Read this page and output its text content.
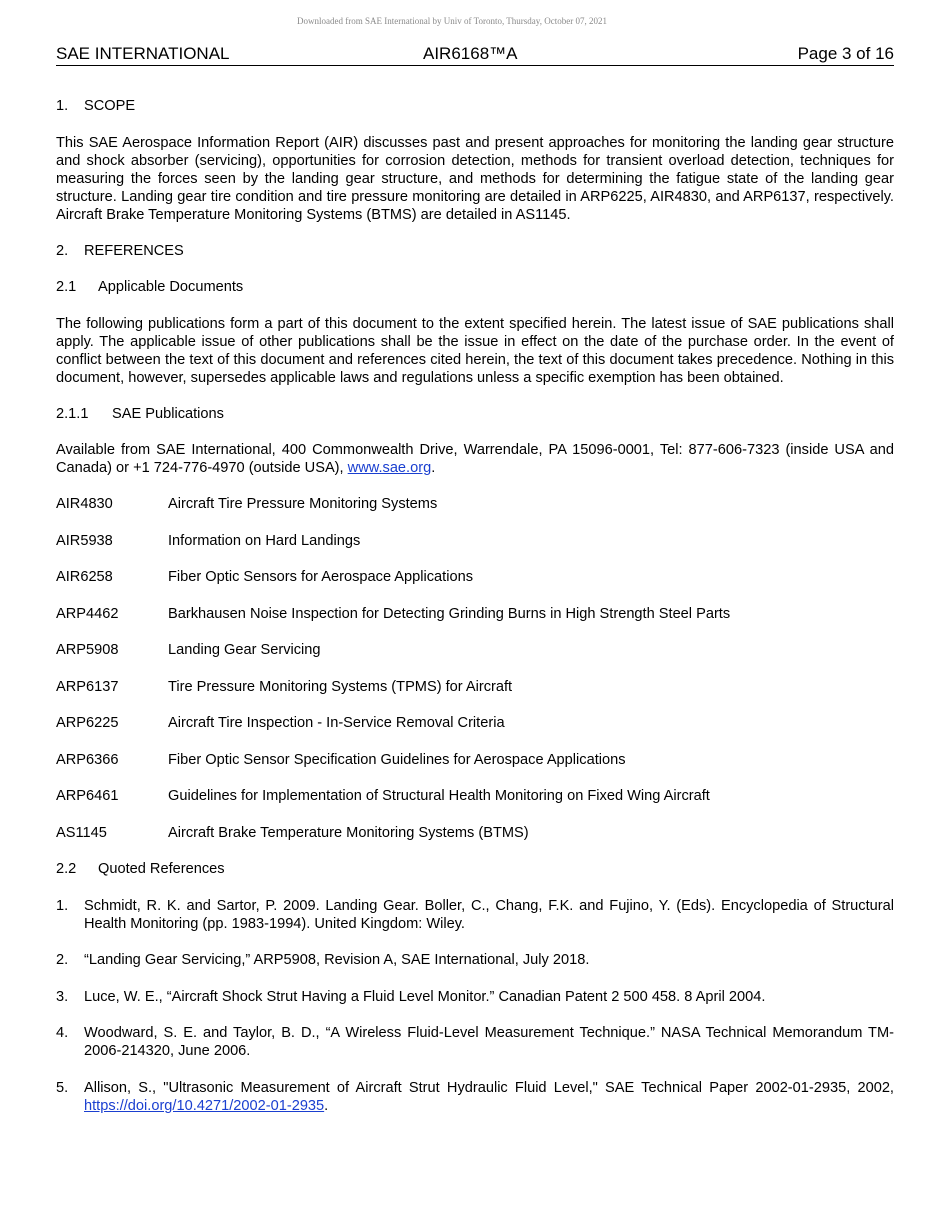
Downloaded from SAE International by Univ of Toronto, Thursday, October 07, 2021
SAE INTERNATIONAL	AIR6168™A	Page 3 of 16
1. SCOPE

This SAE Aerospace Information Report (AIR) discusses past and present approaches for monitoring the landing gear structure and shock absorber (servicing), opportunities for corrosion detection, methods for transient overload detection, techniques for measuring the forces seen by the landing gear structure, and methods for determining the fatigue state of the landing gear structure. Landing gear tire condition and tire pressure monitoring are detailed in ARP6225, AIR4830, and ARP6137, respectively. Aircraft Brake Temperature Monitoring Systems (BTMS) are detailed in AS1145.

2. REFERENCES
2.1 Applicable Documents

The following publications form a part of this document to the extent specified herein. The latest issue of SAE publications shall apply. The applicable issue of other publications shall be the issue in effect on the date of the purchase order. In the event of conflict between the text of this document and references cited herein, the text of this document takes precedence. Nothing in this document, however, supersedes applicable laws and regulations unless a specific exemption has been obtained.

2.1.1 SAE Publications

Available from SAE International, 400 Commonwealth Drive, Warrendale, PA 15096-0001, Tel: 877-606-7323 (inside USA and Canada) or +1 724-776-4970 (outside USA), www.sae.org.

AIR4830	Aircraft Tire Pressure Monitoring Systems
AIR5938	Information on Hard Landings
AIR6258	Fiber Optic Sensors for Aerospace Applications
ARP4462	Barkhausen Noise Inspection for Detecting Grinding Burns in High Strength Steel Parts
ARP5908	Landing Gear Servicing
ARP6137	Tire Pressure Monitoring Systems (TPMS) for Aircraft
ARP6225	Aircraft Tire Inspection - In-Service Removal Criteria
ARP6366	Fiber Optic Sensor Specification Guidelines for Aerospace Applications
ARP6461	Guidelines for Implementation of Structural Health Monitoring on Fixed Wing Aircraft
AS1145	Aircraft Brake Temperature Monitoring Systems (BTMS)
2.2 Quoted References
1.	Schmidt, R. K. and Sartor, P. 2009. Landing Gear. Boller, C., Chang, F.K. and Fujino, Y. (Eds). Encyclopedia of Structural Health Monitoring (pp. 1983-1994). United Kingdom: Wiley.
2.	“Landing Gear Servicing,” ARP5908, Revision A, SAE International, July 2018.
3.	Luce, W. E., “Aircraft Shock Strut Having a Fluid Level Monitor.” Canadian Patent 2 500 458. 8 April 2004.
4.	Woodward, S. E. and Taylor, B. D., “A Wireless Fluid-Level Measurement Technique.” NASA Technical Memorandum TM-2006-214320, June 2006.
5.	Allison, S., "Ultrasonic Measurement of Aircraft Strut Hydraulic Fluid Level," SAE Technical Paper 2002-01-2935, 2002, https://doi.org/10.4271/2002-01-2935.
